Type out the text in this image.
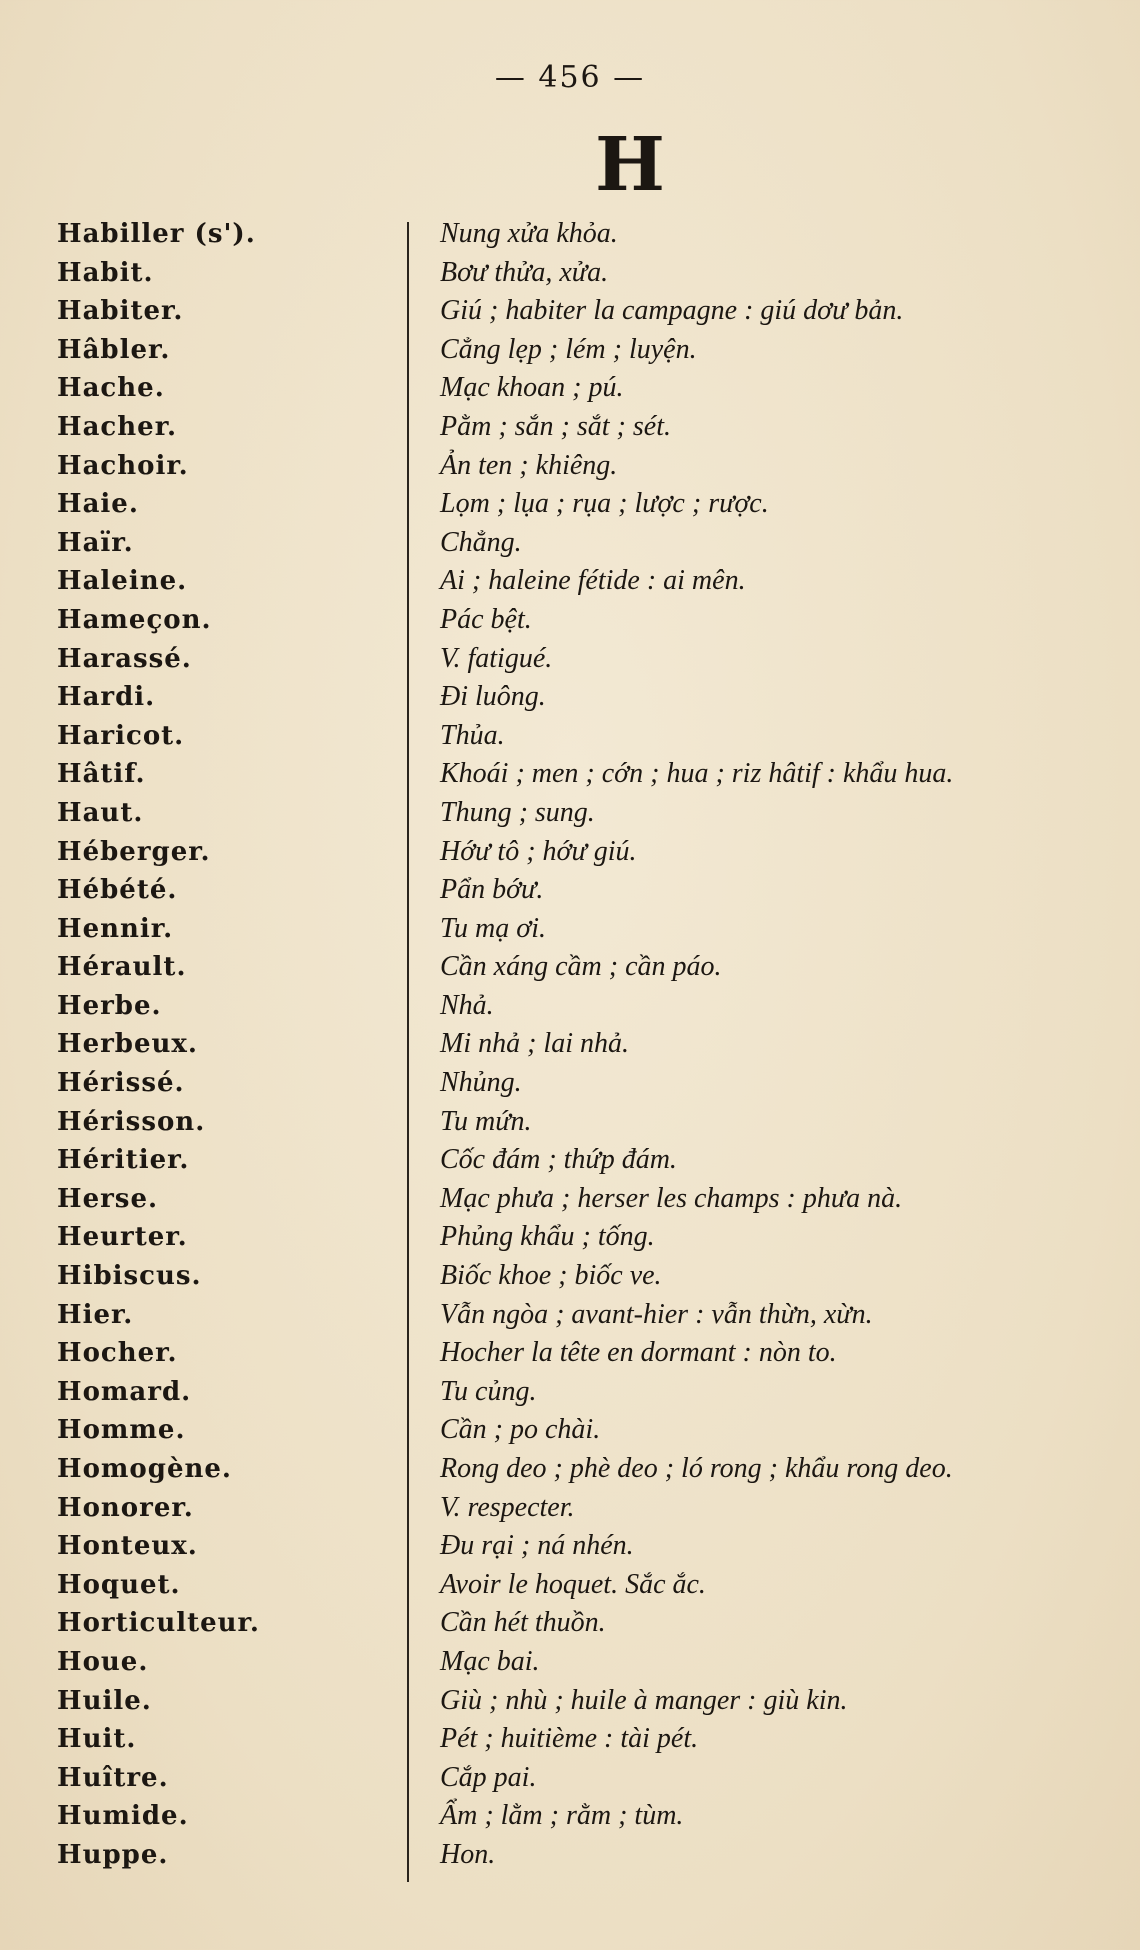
— 456 —
H
Habiller (s').	Nung xửa khỏa.
Habit.	Bơư thửa, xửa.
Habiter.	Giú ; habiter la campagne : giú dơư bản.
Hâbler.	Cẳng lẹp ; lém ; luyện.
Hache.	Mạc khoan ; pú.
Hacher.	Pằm ; sắn ; sắt ; sét.
Hachoir.	Ản ten ; khiêng.
Haie.	Lọm ; lụa ; rụa ; lược ; rược.
Haïr.	Chẳng.
Haleine.	Ai ; haleine fétide : ai mên.
Hameçon.	Pác bệt.
Harassé.	V. fatigué.
Hardi.	Đi luông.
Haricot.	Thủa.
Hâtif.	Khoái ; men ; cớn ; hua ; riz hâtif : khẩu hua.
Haut.	Thung ; sung.
Héberger.	Hớư tô ; hớư giú.
Hébété.	Pẩn bớư.
Hennir.	Tu mạ ơi.
Hérault.	Cần xáng cầm ; cần páo.
Herbe.	Nhả.
Herbeux.	Mi nhả ; lai nhả.
Hérissé.	Nhủng.
Hérisson.	Tu mứn.
Héritier.	Cốc đám ; thứp đám.
Herse.	Mạc phưa ; herser les champs : phưa nà.
Heurter.	Phủng khẩu ; tống.
Hibiscus.	Biốc khoe ; biốc ve.
Hier.	Vẫn ngòa ; avant-hier : vẫn thừn, xừn.
Hocher.	Hocher la tête en dormant : nòn to.
Homard.	Tu củng.
Homme.	Cần ; po chài.
Homogène.	Rong deo ; phè deo ; ló rong ; khẩu rong deo.
Honorer.	V. respecter.
Honteux.	Đu rại ; ná nhén.
Hoquet.	Avoir le hoquet. Sắc ắc.
Horticulteur.	Cần hét thuồn.
Houe.	Mạc bai.
Huile.	Giù ; nhù ; huile à manger : giù kin.
Huit.	Pét ; huitième : tài pét.
Huître.	Cắp pai.
Humide.	Ẩm ; lằm ; rằm ; tùm.
Huppe.	Hon.
